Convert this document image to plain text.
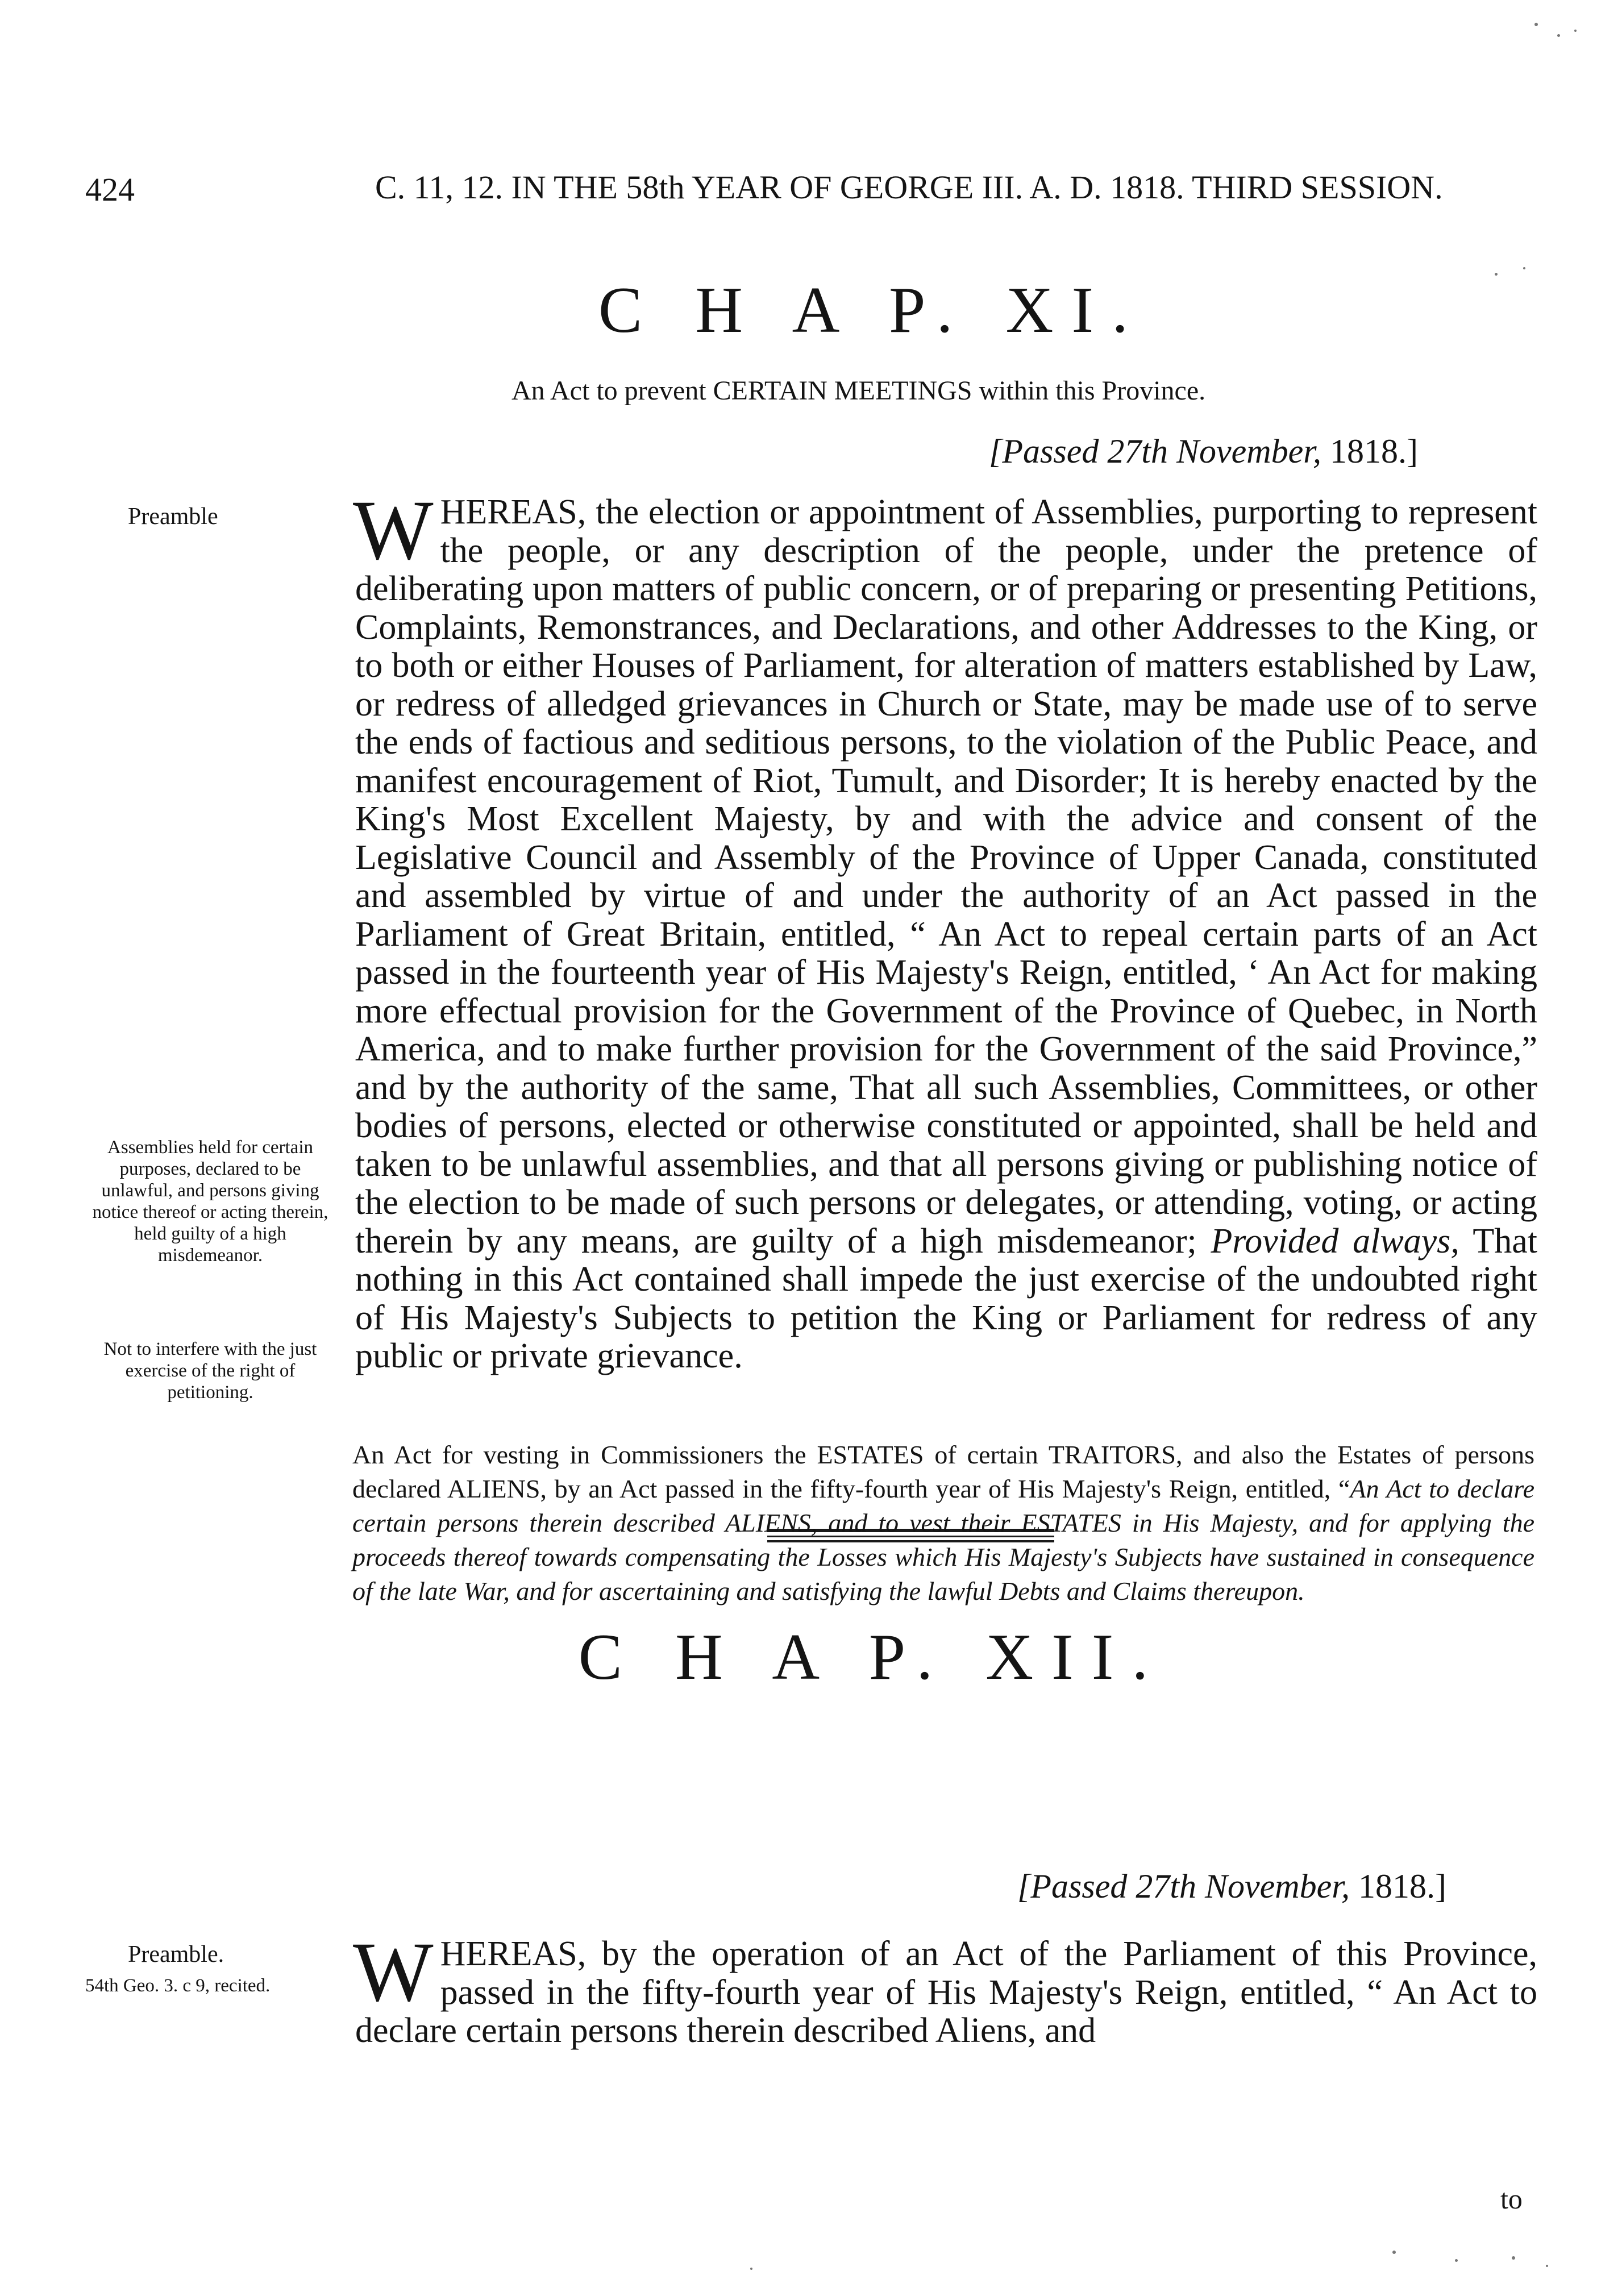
424	C. 11, 12. IN THE 58th YEAR OF GEORGE III. A. D. 1818. THIRD SESSION.
C H A P. XI.
An Act to prevent CERTAIN MEETINGS within this Province.
[Passed 27th November, 1818.]
Preamble WHEREAS, the election or appointment of Assemblies, purporting to represent the people, or any description of the people, under the pretence of deliberating upon matters of public concern, or of preparing or presenting Petitions, Complaints, Remonstrances, and Declarations, and other Addresses to the King, or to both or either Houses of Parliament, for alteration of matters established by Law, or redress of alledged grievances in Church or State, may be made use of to serve the ends of factious and seditious persons, to the violation of the Public Peace, and manifest encouragement of Riot, Tumult, and Disorder; It is hereby enacted by the King's Most Excellent Majesty, by and with the advice and consent of the Legislative Council and Assembly of the Province of Upper Canada, constituted and assembled by virtue of and under the authority of an Act passed in the Parliament of Great Britain, entitled, “ An Act to repeal certain parts of an Act passed in the fourteenth year of His Majesty's Reign, entitled, ‘ An Act for making more effectual provision for the Government of the Province of Quebec, in North America, and to make further provision for the Government of the said Province,” and by the authority of the same, That all such Assemblies, Committees, or other bodies of persons, elected or otherwise constituted or appointed, shall be held and taken to be unlawful assemblies, and that all persons giving or publishing notice of the election to be made of such persons or delegates, or attending, voting, or acting therein by any means, are guilty of a high misdemeanor; Provided always, That nothing in this Act contained shall impede the just exercise of the undoubted right of His Majesty's Subjects to petition the King or Parliament for redress of any public or private grievance.
Assemblies held for certain purposes, declared to be unlawful, and persons giving notice thereof or acting therein, held guilty of a high misdemeanor.
Not to interfere with the just exercise of the right of petitioning.
C H A P. XII.
An Act for vesting in Commissioners the ESTATES of certain TRAITORS, and also the Estates of persons declared ALIENS, by an Act passed in the fifty-fourth year of His Majesty's Reign, entitled, “An Act to declare certain persons therein described ALIENS, and to vest their ESTATES in His Majesty, and for applying the proceeds thereof towards compensating the Losses which His Majesty's Subjects have sustained in consequence of the late War, and for ascertaining and satisfying the lawful Debts and Claims thereupon.
[Passed 27th November, 1818.]
Preamble.
54th Geo. 3. c 9, recited. WHEREAS, by the operation of an Act of the Parliament of this Province, passed in the fifty-fourth year of His Majesty's Reign, entitled, “ An Act to declare certain persons therein described Aliens, and
to
